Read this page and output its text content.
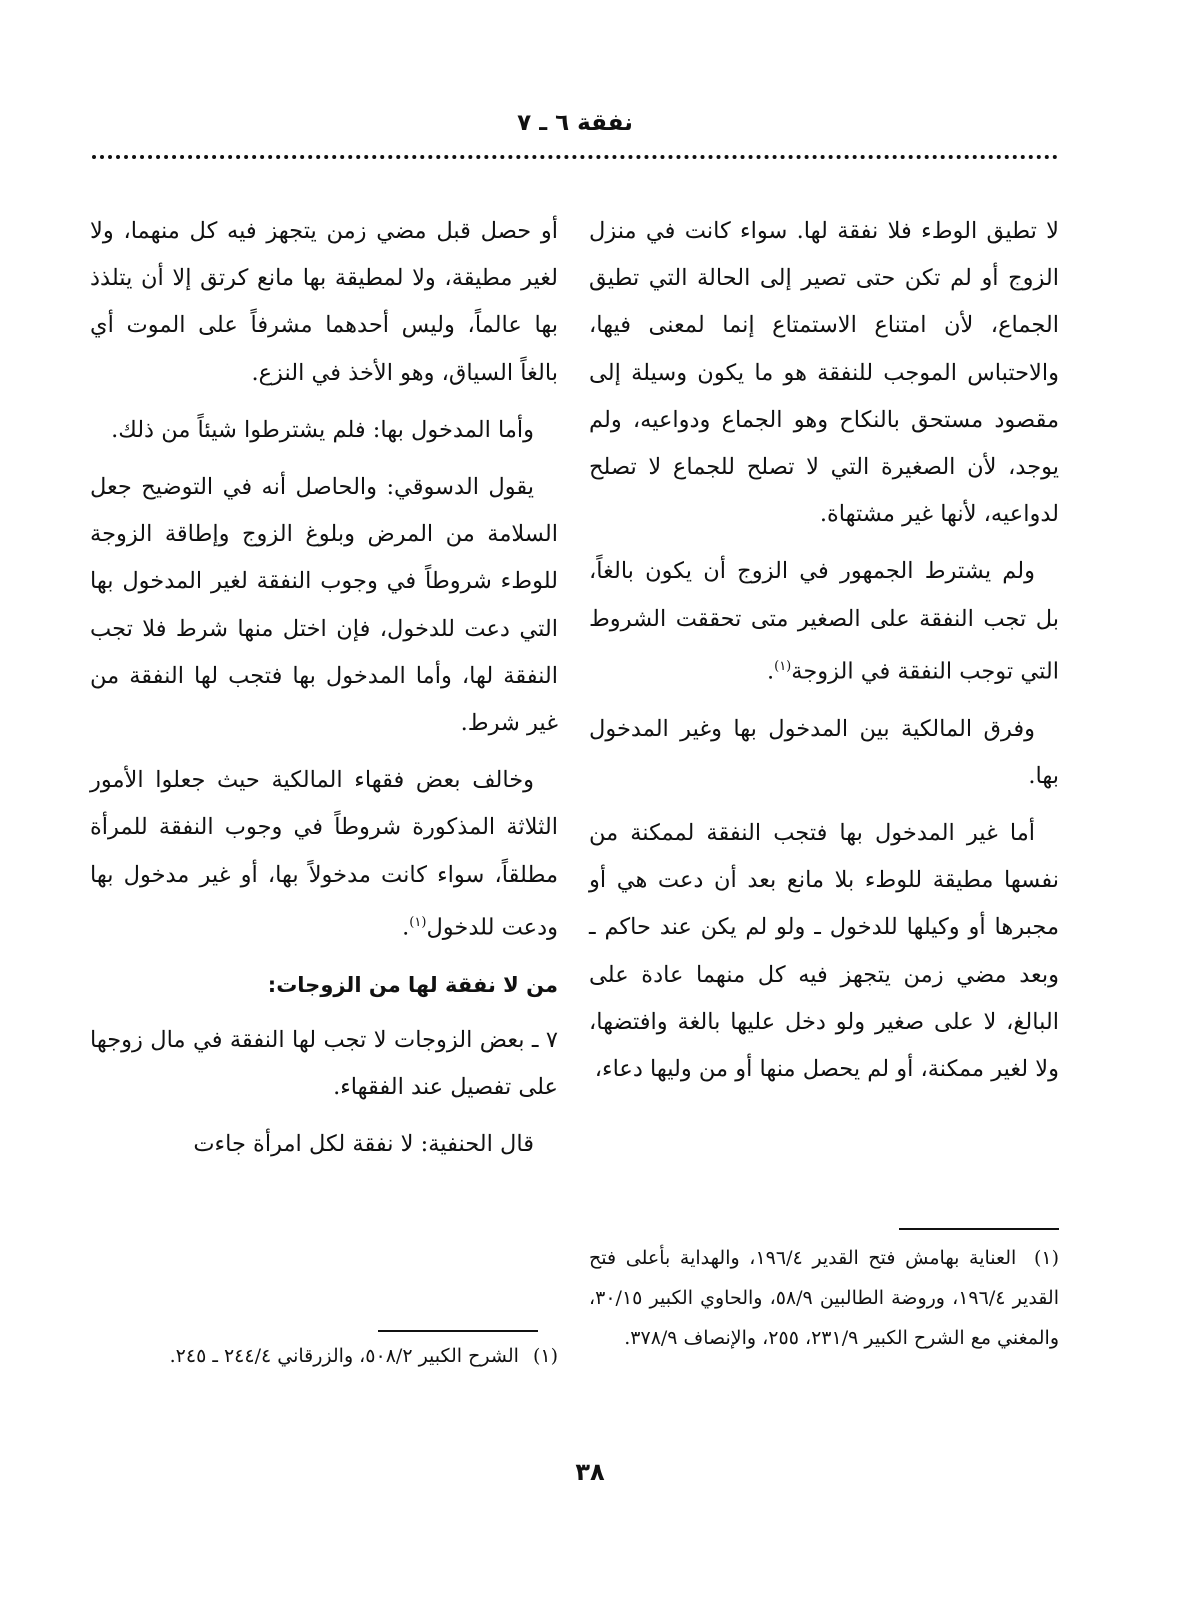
نفقة ٦ ـ ٧

لا تطيق الوطء فلا نفقة لها. سواء كانت في منزل الزوج أو لم تكن حتى تصير إلى الحالة التي تطيق الجماع، لأن امتناع الاستمتاع إنما لمعنى فيها، والاحتباس الموجب للنفقة هو ما يكون وسيلة إلى مقصود مستحق بالنكاح وهو الجماع ودواعيه، ولم يوجد، لأن الصغيرة التي لا تصلح للجماع لا تصلح لدواعيه، لأنها غير مشتهاة.

ولم يشترط الجمهور في الزوج أن يكون بالغاً، بل تجب النفقة على الصغير متى تحققت الشروط التي توجب النفقة في الزوجة$^{(١)}$.

وفرق المالكية بين المدخول بها وغير المدخول بها.

أما غير المدخول بها فتجب النفقة لممكنة من نفسها مطيقة للوطء بلا مانع بعد أن دعت هي أو مجبرها أو وكيلها للدخول ـ ولو لم يكن عند حاكم ـ وبعد مضي زمن يتجهز فيه كل منهما عادة على البالغ، لا على صغير ولو دخل عليها بالغة وافتضها، ولا لغير ممكنة، أو لم يحصل منها أو من وليها دعاء،

أو حصل قبل مضي زمن يتجهز فيه كل منهما، ولا لغير مطيقة، ولا لمطيقة بها مانع كرتق إلا أن يتلذذ بها عالماً، وليس أحدهما مشرفاً على الموت أي بالغاً السياق، وهو الأخذ في النزع.

وأما المدخول بها: فلم يشترطوا شيئاً من ذلك.

يقول الدسوقي: والحاصل أنه في التوضيح جعل السلامة من المرض وبلوغ الزوج وإطاقة الزوجة للوطء شروطاً في وجوب النفقة لغير المدخول بها التي دعت للدخول، فإن اختل منها شرط فلا تجب النفقة لها، وأما المدخول بها فتجب لها النفقة من غير شرط.

وخالف بعض فقهاء المالكية حيث جعلوا الأمور الثلاثة المذكورة شروطاً في وجوب النفقة للمرأة مطلقاً، سواء كانت مدخولاً بها، أو غير مدخول بها ودعت للدخول$^{(١)}$.

من لا نفقة لها من الزوجات:

٧ ـ بعض الزوجات لا تجب لها النفقة في مال زوجها على تفصيل عند الفقهاء.

قال الحنفية: لا نفقة لكل امرأة جاءت

(١) العناية بهامش فتح القدير ١٩٦/٤، والهداية بأعلى فتح القدير ١٩٦/٤، وروضة الطالبين ٥٨/٩، والحاوي الكبير ٣٠/١٥، والمغني مع الشرح الكبير ٢٣١/٩، ٢٥٥، والإنصاف ٣٧٨/٩.
(١) الشرح الكبير ٥٠٨/٢، والزرقاني ٢٤٤/٤ ـ ٢٤٥.
٣٨
